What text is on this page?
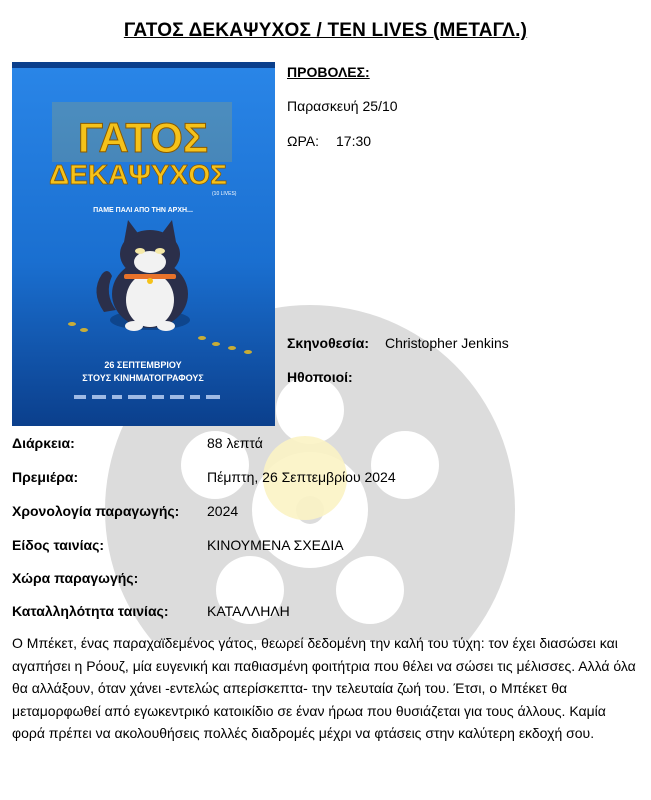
ΓΑΤΟΣ ΔΕΚΑΨΥΧΟΣ / TEN LIVES (ΜΕΤΑΓΛ.)
ΓΑΤΟΣ
ΔΕΚΑΨΥΧΟΣ
(10 LIVES)
ΠΑΜΕ ΠΑΛΙ ΑΠΟ ΤΗΝ ΑΡΧΗ...
26 ΣΕΠΤΕΜΒΡΙΟΥ
ΣΤΟΥΣ ΚΙΝΗΜΑΤΟΓΡΑΦΟΥΣ
ΠΡΟΒΟΛΕΣ:
Παρασκευή 25/10
ΩΡΑ: 17:30
Σκηνοθεσία: Christopher Jenkins
Ηθοποιοί:
Διάρκεια:	88 λεπτά
Πρεμιέρα:	Πέμπτη, 26 Σεπτεμβρίου 2024
Χρονολογία παραγωγής: 2024
Είδος ταινίας:	ΚΙΝΟΥΜΕΝΑ ΣΧΕΔΙΑ
Χώρα παραγωγής:
Καταλληλότητα ταινίας:	ΚΑΤΑΛΛΗΛΗ
Ο Μπέκετ, ένας παραχαϊδεμένος γάτος, θεωρεί δεδομένη την καλή του τύχη: τον έχει διασώσει και αγαπήσει η Ρόουζ, μία ευγενική και παθιασμένη φοιτήτρια που θέλει να σώσει τις μέλισσες. Αλλά όλα θα αλλάξουν, όταν χάνει -εντελώς απερίσκεπτα- την τελευταία ζωή του. Έτσι, ο Μπέκετ θα μεταμορφωθεί από εγωκεντρικό κατοικίδιο σε έναν ήρωα που θυσιάζεται για τους άλλους. Καμία φορά πρέπει να ακολουθήσεις πολλές διαδρομές μέχρι να φτάσεις στην καλύτερη εκδοχή σου.
